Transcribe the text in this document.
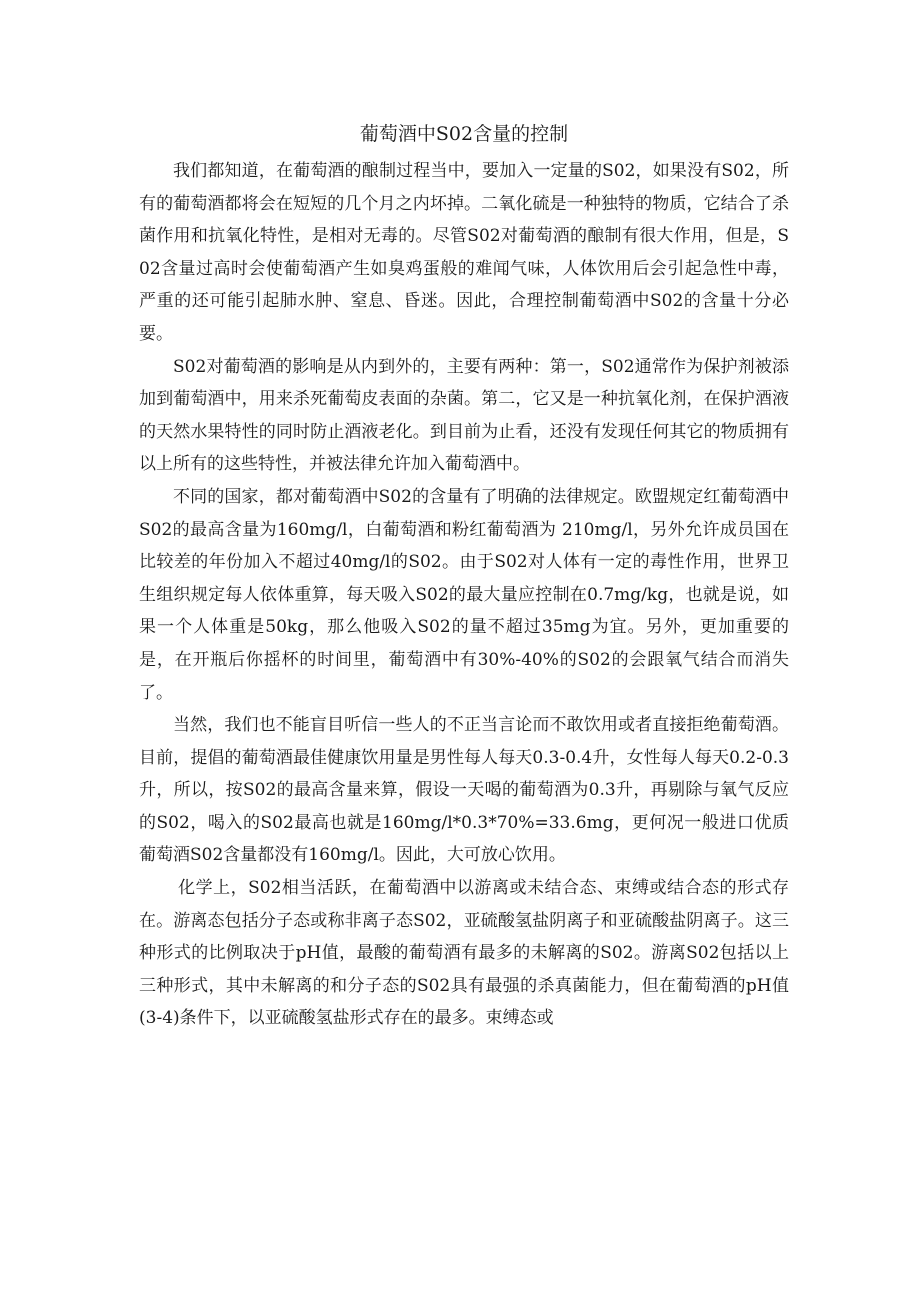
葡萄酒中S02含量的控制

我们都知道，在葡萄酒的酿制过程当中，要加入一定量的S02，如果没有S02，所有的葡萄酒都将会在短短的几个月之内坏掉。二氧化硫是一种独特的物质，它结合了杀菌作用和抗氧化特性，是相对无毒的。尽管S02对葡萄酒的酿制有很大作用，但是，S02含量过高时会使葡萄酒产生如臭鸡蛋般的难闻气味，人体饮用后会引起急性中毒，严重的还可能引起肺水肿、窒息、昏迷。因此，合理控制葡萄酒中S02的含量十分必要。

S02对葡萄酒的影响是从内到外的，主要有两种：第一，S02通常作为保护剂被添加到葡萄酒中，用来杀死葡萄皮表面的杂菌。第二，它又是一种抗氧化剂，在保护酒液的天然水果特性的同时防止酒液老化。到目前为止看，还没有发现任何其它的物质拥有以上所有的这些特性，并被法律允许加入葡萄酒中。

不同的国家，都对葡萄酒中S02的含量有了明确的法律规定。欧盟规定红葡萄酒中S02的最高含量为160mg/l，白葡萄酒和粉红葡萄酒为 210mg/l，另外允许成员国在比较差的年份加入不超过40mg/l的S02。由于S02对人体有一定的毒性作用，世界卫生组织规定每人依体重算，每天吸入S02的最大量应控制在0.7mg/kg，也就是说，如果一个人体重是50kg，那么他吸入S02的量不超过35mg为宜。另外，更加重要的是，在开瓶后你摇杯的时间里，葡萄酒中有30%-40%的S02的会跟氧气结合而消失了。

当然，我们也不能盲目听信一些人的不正当言论而不敢饮用或者直接拒绝葡萄酒。目前，提倡的葡萄酒最佳健康饮用量是男性每人每天0.3-0.4升，女性每人每天0.2-0.3升，所以，按S02的最高含量来算，假设一天喝的葡萄酒为0.3升，再剔除与氧气反应的S02，喝入的S02最高也就是160mg/l*0.3*70%=33.6mg，更何况一般进口优质葡萄酒S02含量都没有160mg/l。因此，大可放心饮用。

化学上，S02相当活跃，在葡萄酒中以游离或未结合态、束缚或结合态的形式存在。游离态包括分子态或称非离子态S02，亚硫酸氢盐阴离子和亚硫酸盐阴离子。这三种形式的比例取决于pH值，最酸的葡萄酒有最多的未解离的S02。游离S02包括以上三种形式，其中未解离的和分子态的S02具有最强的杀真菌能力，但在葡萄酒的pH值(3-4)条件下，以亚硫酸氢盐形式存在的最多。束缚态或
